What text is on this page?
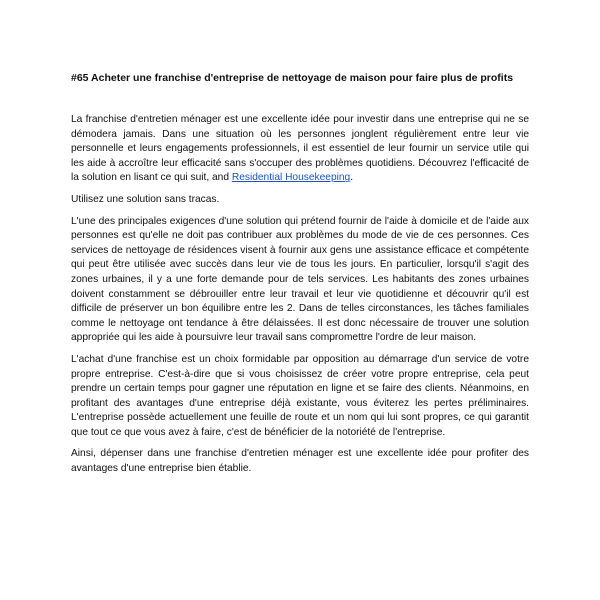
#65 Acheter une franchise d'entreprise de nettoyage de maison pour faire plus de profits

La franchise d'entretien ménager est une excellente idée pour investir dans une entreprise qui ne se démodera jamais. Dans une situation où les personnes jonglent régulièrement entre leur vie personnelle et leurs engagements professionnels, il est essentiel de leur fournir un service utile qui les aide à accroître leur efficacité sans s'occuper des problèmes quotidiens. Découvrez l'efficacité de la solution en lisant ce qui suit, and Residential Housekeeping.

Utilisez une solution sans tracas.

L'une des principales exigences d'une solution qui prétend fournir de l'aide à domicile et de l'aide aux personnes est qu'elle ne doit pas contribuer aux problèmes du mode de vie de ces personnes. Ces services de nettoyage de résidences visent à fournir aux gens une assistance efficace et compétente qui peut être utilisée avec succès dans leur vie de tous les jours. En particulier, lorsqu'il s'agit des zones urbaines, il y a une forte demande pour de tels services. Les habitants des zones urbaines doivent constamment se débrouiller entre leur travail et leur vie quotidienne et découvrir qu'il est difficile de préserver un bon équilibre entre les 2. Dans de telles circonstances, les tâches familiales comme le nettoyage ont tendance à être délaissées. Il est donc nécessaire de trouver une solution appropriée qui les aide à poursuivre leur travail sans compromettre l'ordre de leur maison.

L'achat d'une franchise est un choix formidable par opposition au démarrage d'un service de votre propre entreprise. C'est-à-dire que si vous choisissez de créer votre propre entreprise, cela peut prendre un certain temps pour gagner une réputation en ligne et se faire des clients. Néanmoins, en profitant des avantages d'une entreprise déjà existante, vous éviterez les pertes préliminaires. L'entreprise possède actuellement une feuille de route et un nom qui lui sont propres, ce qui garantit que tout ce que vous avez à faire, c'est de bénéficier de la notoriété de l'entreprise.

Ainsi, dépenser dans une franchise d'entretien ménager est une excellente idée pour profiter des avantages d'une entreprise bien établie.
